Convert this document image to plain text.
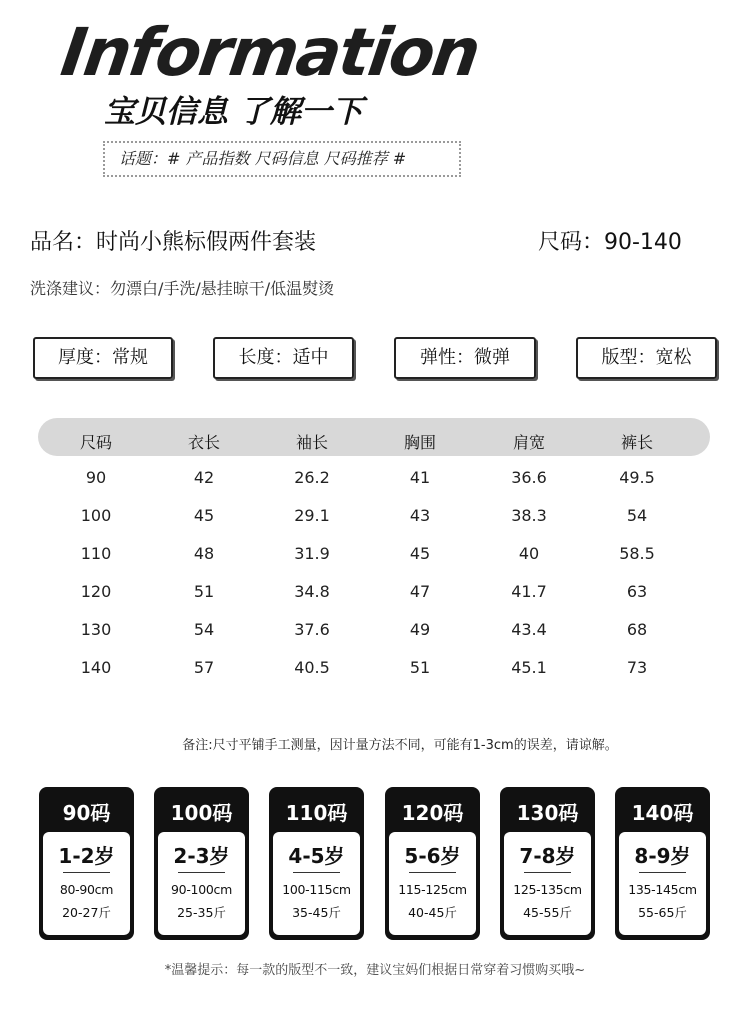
Information
宝贝信息 了解一下
话题：# 产品指数 尺码信息 尺码推荐 #
品名：时尚小熊标假两件套装	尺码：90-140
洗涤建议：勿漂白/手洗/悬挂晾干/低温熨烫
厚度：常规	长度：适中	弹性：微弹	版型：宽松
尺码	衣长	袖长	胸围	肩宽	裤长
90	42	26.2	41	36.6	49.5
100	45	29.1	43	38.3	54
110	48	31.9	45	40	58.5
120	51	34.8	47	41.7	63
130	54	37.6	49	43.4	68
140	57	40.5	51	45.1	73
备注:尺寸平铺手工测量，因计量方法不同，可能有1-3cm的误差，请谅解。
90码
1-2岁
80-90cm
20-27斤
100码
2-3岁
90-100cm
25-35斤
110码
4-5岁
100-115cm
35-45斤
120码
5-6岁
115-125cm
40-45斤
130码
7-8岁
125-135cm
45-55斤
140码
8-9岁
135-145cm
55-65斤
*温馨提示：每一款的版型不一致，建议宝妈们根据日常穿着习惯购买哦~
